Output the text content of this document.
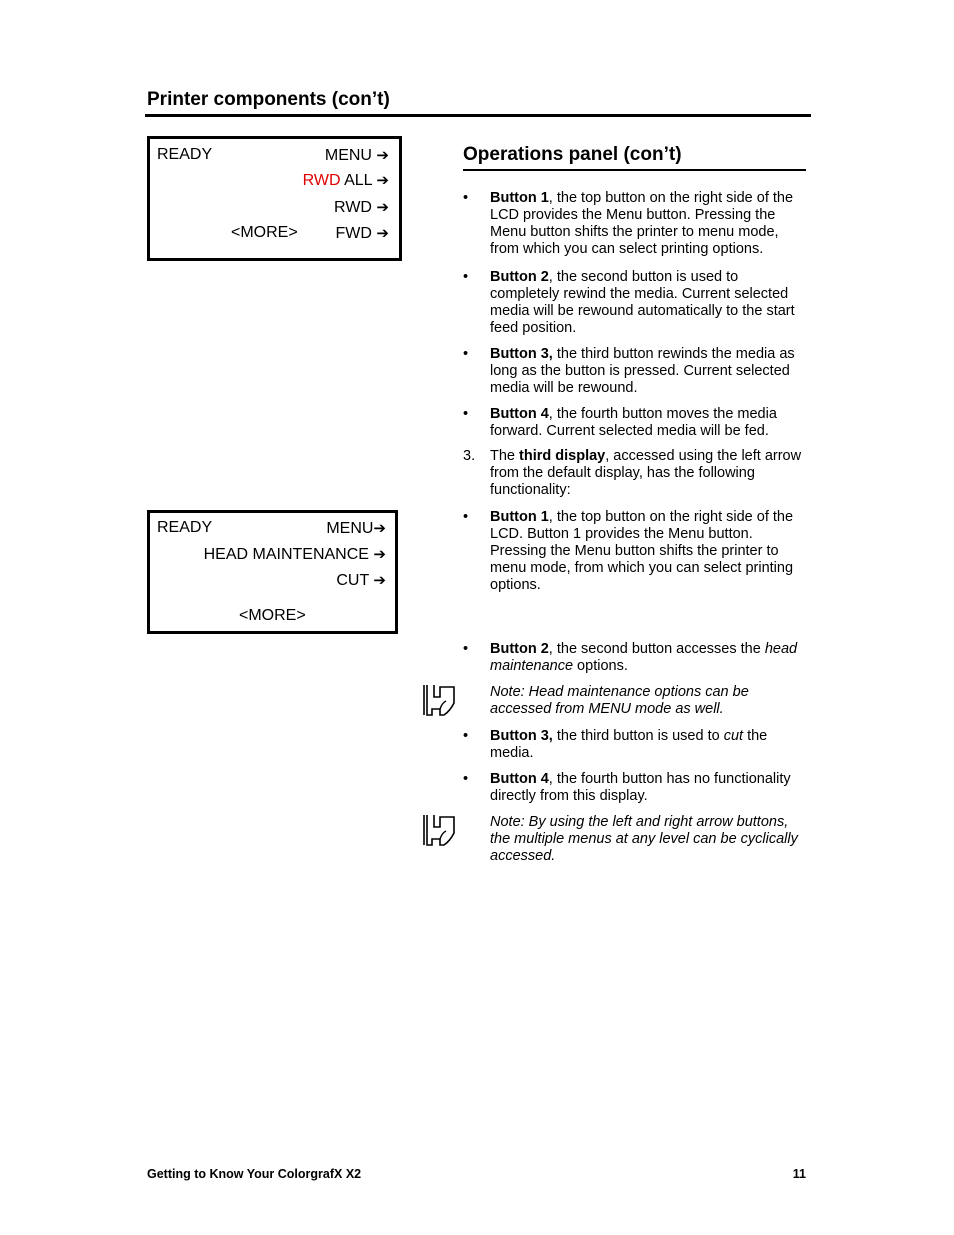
Printer components (con’t)
READY	MENU ➔
RWD ALL ➔
RWD ➔
<MORE> FWD ➔
READY	MENU➔
HEAD MAINTENANCE ➔
CUT ➔
<MORE>
Operations panel (con’t)
•
Button 1, the top button on the right side of the LCD provides the Menu button. Pressing the Menu button shifts the printer to menu mode, from which you can select printing options.
•
Button 2, the second button is used to completely rewind the media. Current selected media will be rewound automatically to the start feed position.
•
Button 3, the third button rewinds the media as long as the button is pressed. Current selected media will be rewound.
•
Button 4, the fourth button moves the media forward. Current selected media will be fed.
3.	The third display, accessed using the left arrow from the default display, has the following functionality:
•
Button 1, the top button on the right side of the LCD. Button 1 provides the Menu button. Pressing the Menu button shifts the printer to menu mode, from which you can select printing options.
•
Button 2, the second button accesses the head maintenance options.
Note: Head maintenance options can be accessed from MENU mode as well.
•
Button 3, the third button is used to cut the media.
•
Button 4, the fourth button has no functionality directly from this display.
Note: By using the left and right arrow buttons, the multiple menus at any level can be cyclically accessed.
Getting to Know Your ColorgrafX X2	11
